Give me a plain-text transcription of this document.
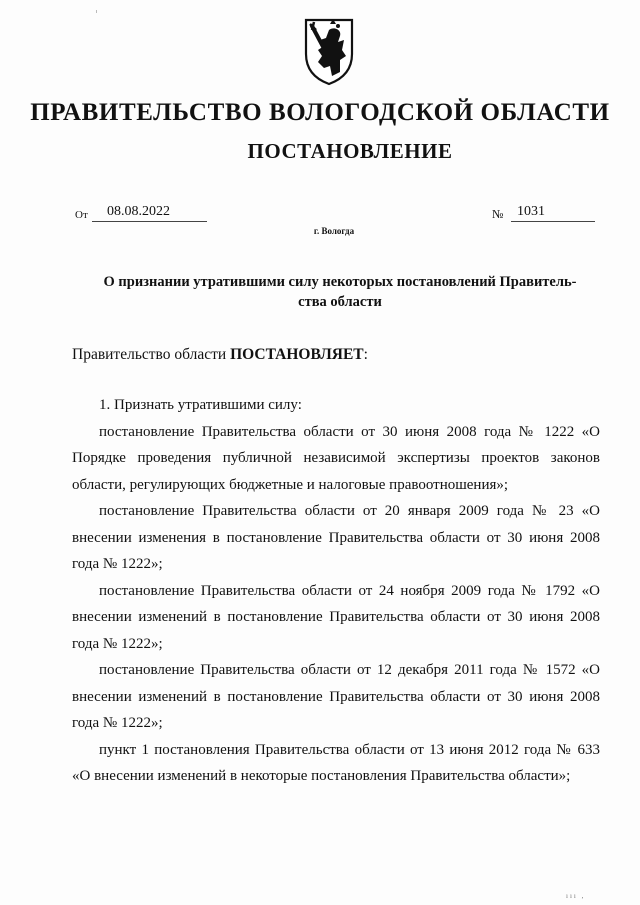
ПРАВИТЕЛЬСТВО ВОЛОГОДСКОЙ ОБЛАСТИ
ПОСТАНОВЛЕНИЕ
От	08.08.2022	№ 1031
г. Вологда
О признании утратившими силу некоторых постановлений Правитель-
ства области
Правительство области ПОСТАНОВЛЯЕТ:

1. Признать утратившими силу:

постановление Правительства области от 30 июня 2008 года № 1222 «О Порядке проведения публичной независимой экспертизы проектов законов области, регулирующих бюджетные и налоговые правоотношения»;

постановление Правительства области от 20 января 2009 года № 23 «О внесении изменения в постановление Правительства области от 30 июня 2008 года № 1222»;

постановление Правительства области от 24 ноября 2009 года № 1792 «О внесении изменений в постановление Правительства области от 30 июня 2008 года № 1222»;

постановление Правительства области от 12 декабря 2011 года № 1572 «О внесении изменений в постановление Правительства области от 30 июня 2008 года № 1222»;

пункт 1 постановления Правительства области от 13 июня 2012 года № 633 «О внесении изменений в некоторые постановления Правительства области»;

ııı ,
